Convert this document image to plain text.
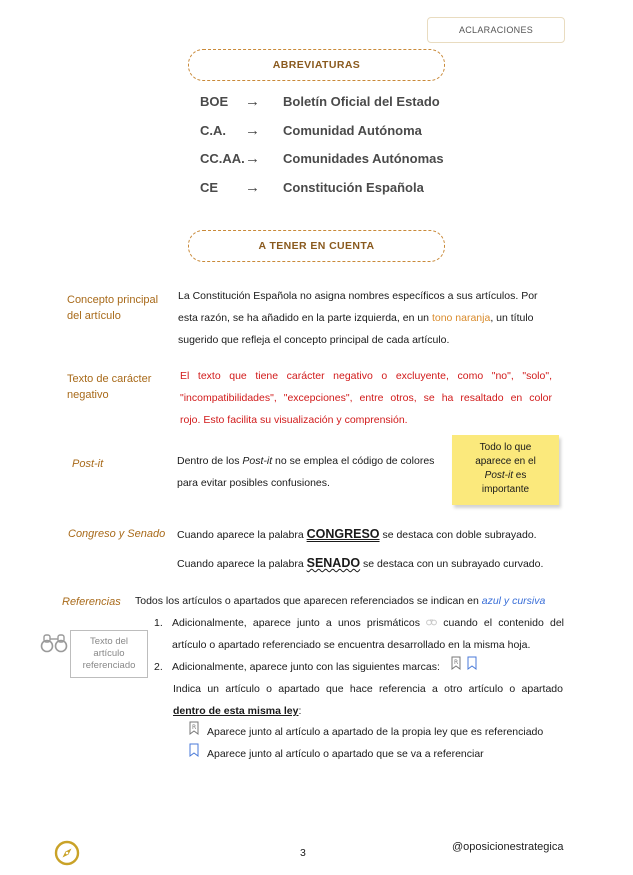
ACLARACIONES
ABREVIATURAS
BOE	→	Boletín Oficial del Estado
C.A.	→	Comunidad Autónoma
CC.AA. →	Comunidades Autónomas
CE	→	Constitución Española
A TENER EN CUENTA
Concepto principal
del artículo
La Constitución Española no asigna nombres específicos a sus artículos. Por
esta razón, se ha añadido en la parte izquierda, en un tono naranja, un título
sugerido que refleja el concepto principal de cada artículo.
Texto de carácter
negativo
El texto que tiene carácter negativo o excluyente, como "no", "solo",
"incompatibilidades", "excepciones", entre otros, se ha resaltado en color
rojo. Esto facilita su visualización y comprensión.
Post-it	Dentro de los Post-it no se emplea el código de colores
para evitar posibles confusiones.
Todo lo que
aparece en el
Post-it es
importante
Congreso y Senado Cuando aparece la palabra CONGRESO se destaca con doble subrayado.
Cuando aparece la palabra SENADO se destaca con un subrayado curvado.
Referencias Todos los artículos o apartados que aparecen referenciados se indican en azul y cursiva
Texto del
artículo
referenciado
1. Adicionalmente, aparece junto a unos prismáticos  cuando el contenido del
artículo o apartado referenciado se encuentra desarrollado en la misma hoja.
2. Adicionalmente, aparece junto con las siguientes marcas: R

Indica un artículo o apartado que hace referencia a otro artículo o apartado
dentro de esta misma ley:
R Aparece junto al artículo a apartado de la propia ley que es referenciado
Aparece junto al artículo o apartado que se va a referenciar
3	@oposicionestrategica
